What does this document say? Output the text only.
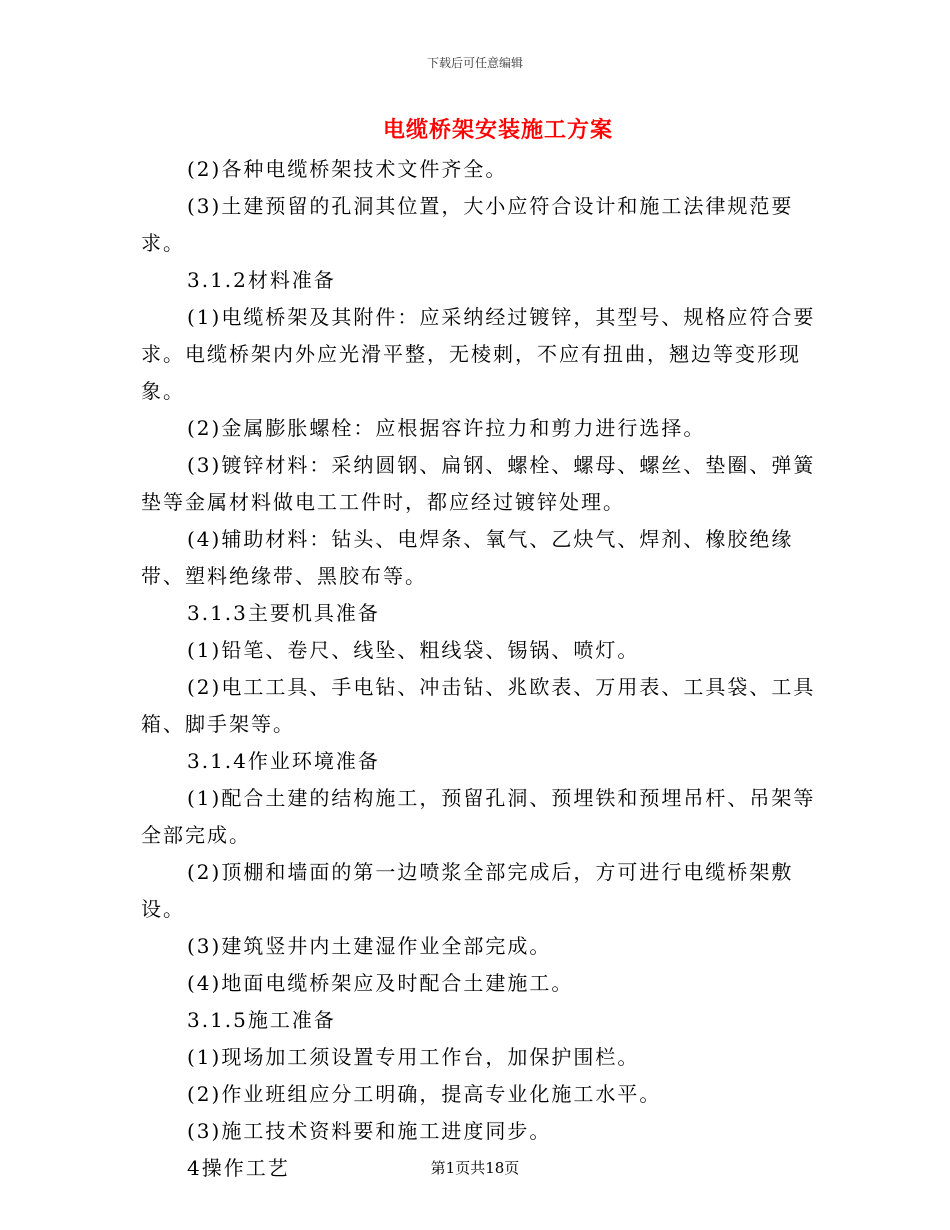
下载后可任意编辑
电缆桥架安装施工方案

(2)各种电缆桥架技术文件齐全。

(3)土建预留的孔洞其位置，大小应符合设计和施工法律规范要求。

3.1.2材料准备

(1)电缆桥架及其附件：应采纳经过镀锌，其型号、规格应符合要求。电缆桥架内外应光滑平整，无棱刺，不应有扭曲，翘边等变形现象。

(2)金属膨胀螺栓：应根据容许拉力和剪力进行选择。

(3)镀锌材料：采纳圆钢、扁钢、螺栓、螺母、螺丝、垫圈、弹簧垫等金属材料做电工工件时，都应经过镀锌处理。

(4)辅助材料：钻头、电焊条、氧气、乙炔气、焊剂、橡胶绝缘带、塑料绝缘带、黑胶布等。

3.1.3主要机具准备

(1)铅笔、卷尺、线坠、粗线袋、锡锅、喷灯。

(2)电工工具、手电钻、冲击钻、兆欧表、万用表、工具袋、工具箱、脚手架等。

3.1.4作业环境准备

(1)配合土建的结构施工，预留孔洞、预埋铁和预埋吊杆、吊架等全部完成。

(2)顶棚和墙面的第一边喷浆全部完成后，方可进行电缆桥架敷设。

(3)建筑竖井内土建湿作业全部完成。

(4)地面电缆桥架应及时配合土建施工。

3.1.5施工准备

(1)现场加工须设置专用工作台，加保护围栏。

(2)作业班组应分工明确，提高专业化施工水平。

(3)施工技术资料要和施工进度同步。

4操作工艺	第1页共18页
